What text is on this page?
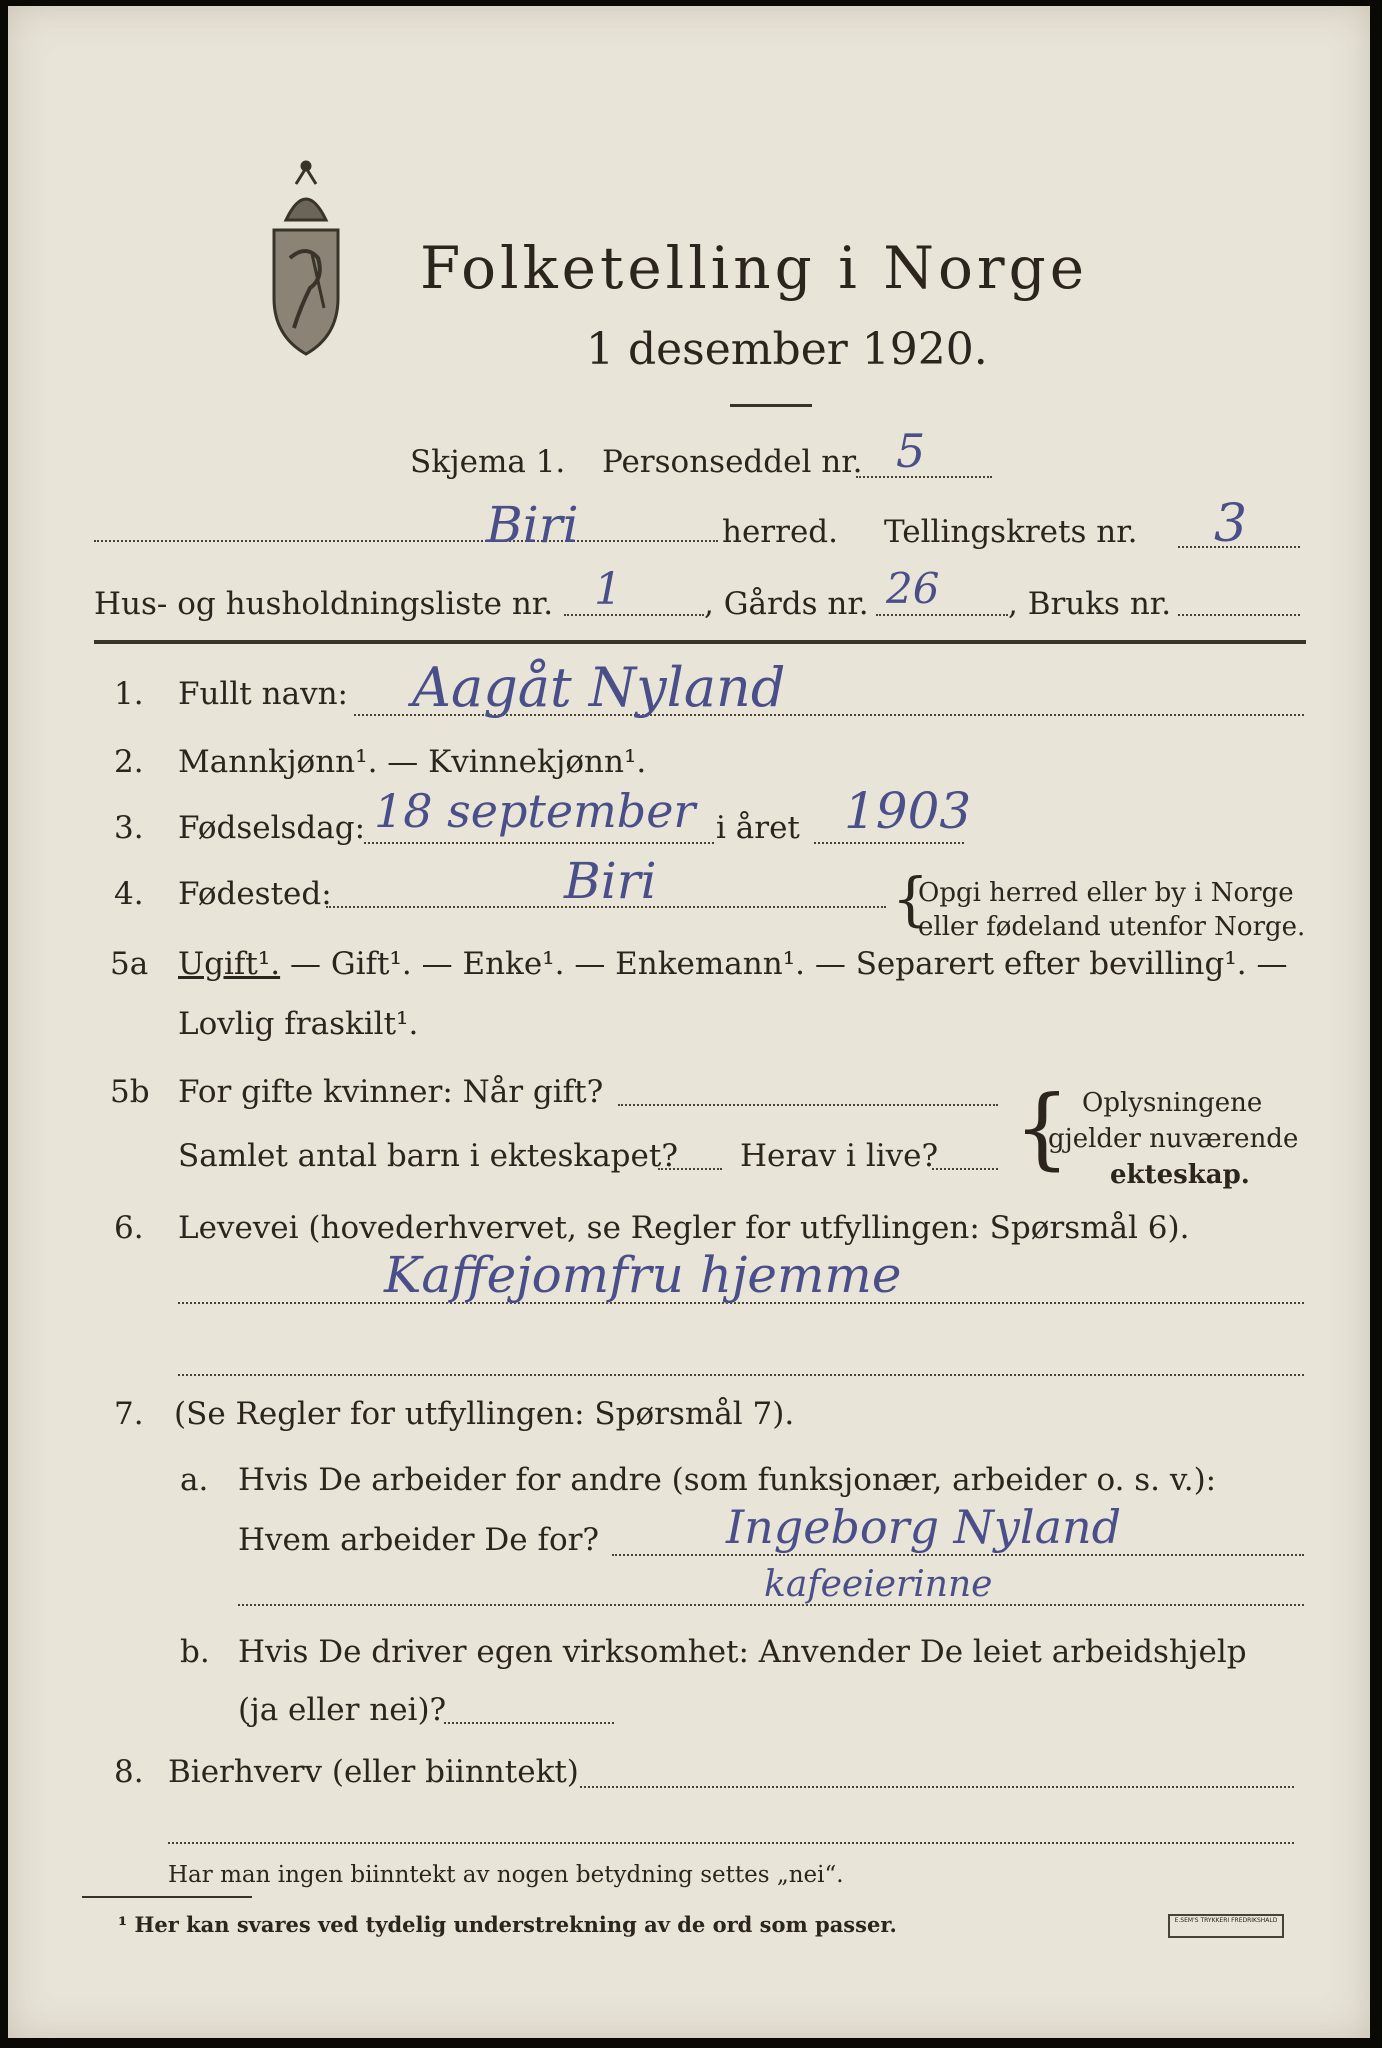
Folketelling i Norge
1 desember 1920.
Skjema 1. Personseddel nr. 5
Biri	herred. Tellingskrets nr. 3
Hus- og husholdningsliste nr. 1	, Gårds nr. 26 , Bruks nr.
1. Fullt navn: Aagåt Nyland
2. Mannkjønn¹. — Kvinnekjønn¹.
3. Fødselsdag: 18 september i året 1903
4. Fødested:	Biri	{
Opgi herred eller by i Norge
eller fødeland utenfor Norge.
5a Ugift¹. — Gift¹. — Enke¹. — Enkemann¹. — Separert efter bevilling¹. —
Lovlig fraskilt¹.
5b For gifte kvinner: Når gift?
Samlet antal barn i ekteskapet? Herav i live? { Oplysningene
gjelder nuværende
ekteskap.
6. Levevei (hovederhvervet, se Regler for utfyllingen: Spørsmål 6).
Kaffejomfru hjemme
7. (Se Regler for utfyllingen: Spørsmål 7).
a. Hvis De arbeider for andre (som funksjonær, arbeider o. s. v.):
Hvem arbeider De for?	Ingeborg Nyland
kafeeierinne
b. Hvis De driver egen virksomhet: Anvender De leiet arbeidshjelp
(ja eller nei)?
8. Bierhverv (eller biinntekt)
Har man ingen biinntekt av nogen betydning settes „nei“.
¹ Her kan svares ved tydelig understrekning av de ord som passer.	E.SEM'S TRYKKERI FREDRIKSHALD
